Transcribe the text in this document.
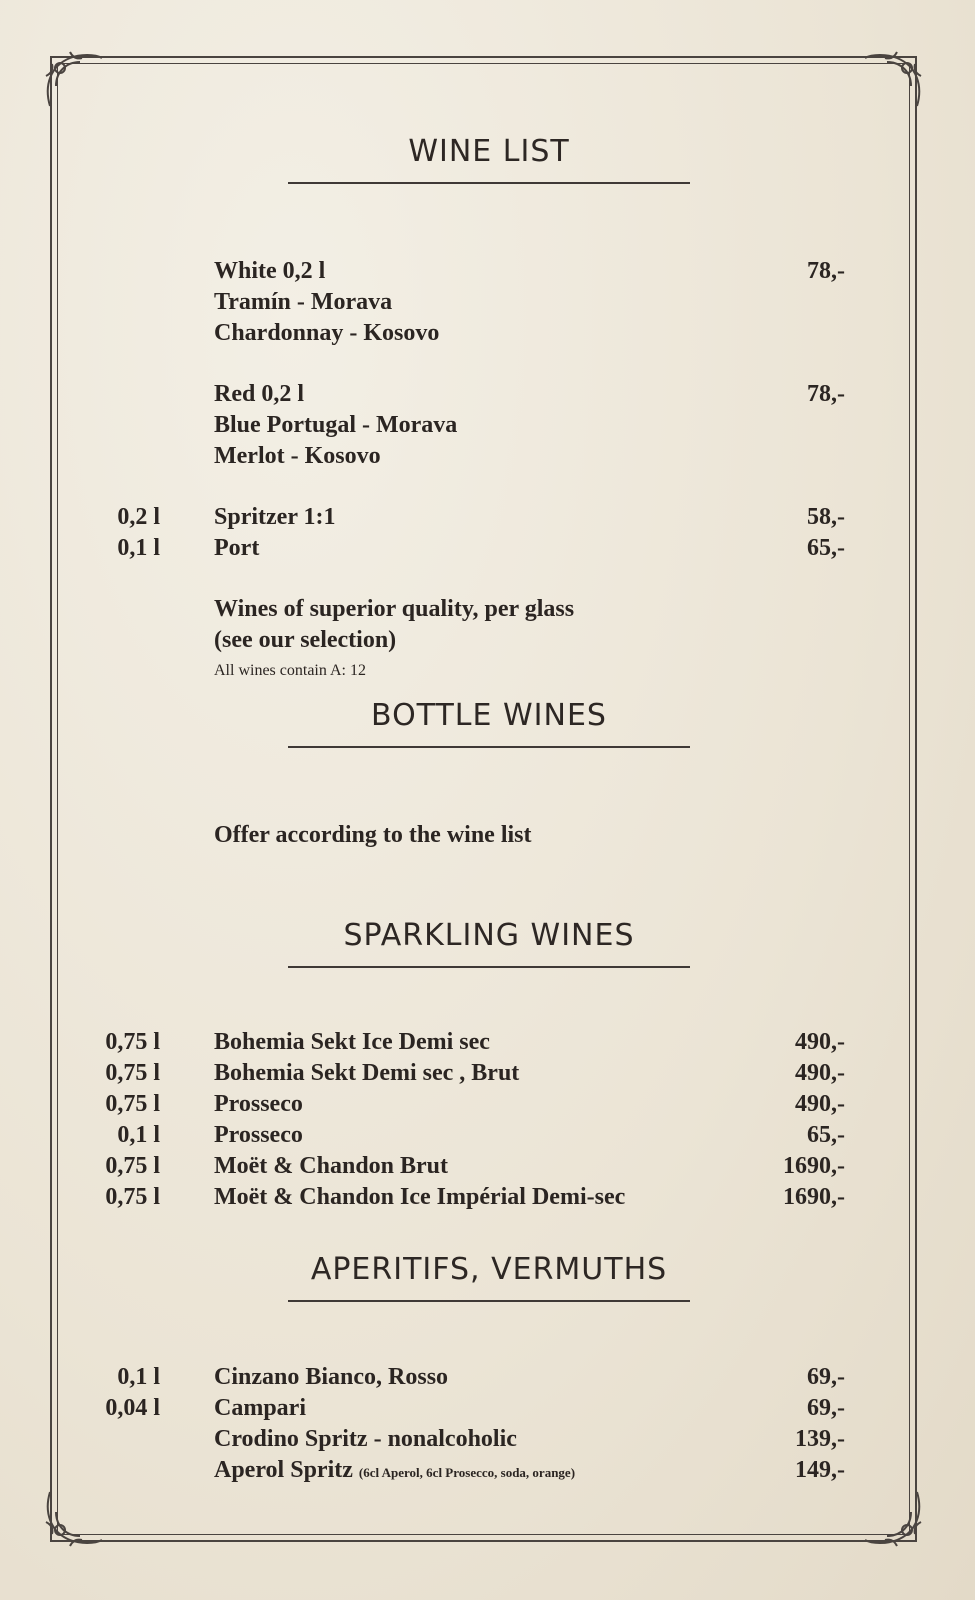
WINE LIST
White 0,2 l	78,-
Tramín - Morava
Chardonnay - Kosovo
Red 0,2 l	78,-
Blue Portugal - Morava
Merlot - Kosovo
0,2 l Spritzer 1:1	58,-
0,1 l Port	65,-
Wines of superior quality, per glass
(see our selection)
All wines contain A: 12
BOTTLE WINES
Offer according to the wine list
SPARKLING WINES
0,75 l Bohemia Sekt Ice Demi sec	490,-
0,75 l Bohemia Sekt Demi sec , Brut	490,-
0,75 l Prosseco	490,-
0,1 l Prosseco	65,-
0,75 l Moët & Chandon Brut	1690,-
0,75 l Moët & Chandon Ice Impérial Demi-sec	1690,-
APERITIFS, VERMUTHS
0,1 l Cinzano Bianco, Rosso	69,-
0,04 l Campari	69,-
Crodino Spritz - nonalcoholic	139,-
Aperol Spritz (6cl Aperol, 6cl Prosecco, soda, orange)	149,-
